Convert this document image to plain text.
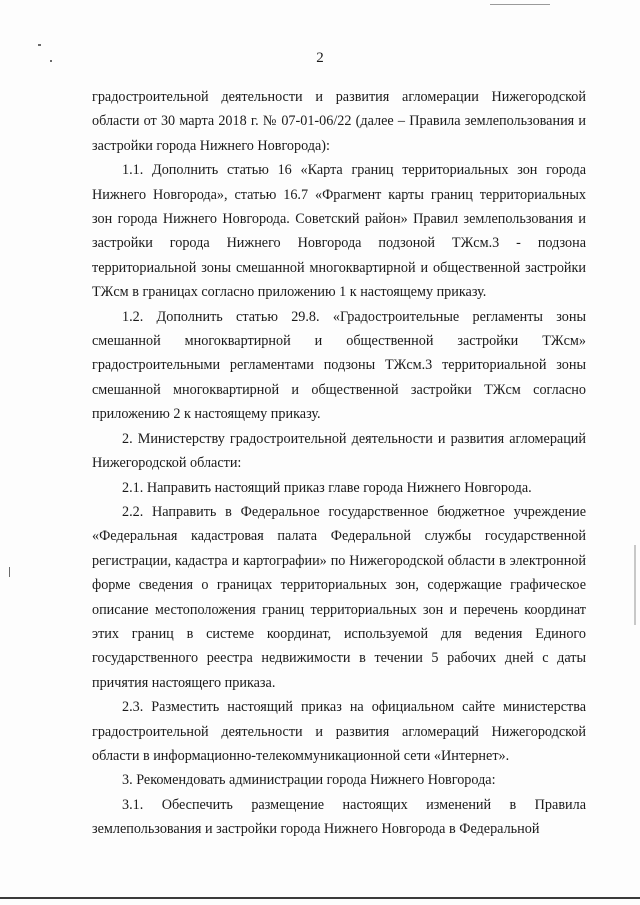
2

градостроительной деятельности и развития агломерации Нижегородской области от 30 марта 2018 г. № 07-01-06/22 (далее – Правила землепользования и застройки города Нижнего Новгорода):

1.1. Дополнить статью 16 «Карта границ территориальных зон города Нижнего Новгорода», статью 16.7 «Фрагмент карты границ территориальных зон города Нижнего Новгорода. Советский район» Правил землепользования и застройки города Нижнего Новгорода подзоной ТЖсм.3 - подзона территориальной зоны смешанной многоквартирной и общественной застройки ТЖсм в границах согласно приложению 1 к настоящему приказу.

1.2. Дополнить статью 29.8. «Градостроительные регламенты зоны смешанной многоквартирной и общественной застройки ТЖсм» градостроительными регламентами подзоны ТЖсм.3 территориальной зоны смешанной многоквартирной и общественной застройки ТЖсм согласно приложению 2 к настоящему приказу.

2. Министерству градостроительной деятельности и развития агломераций Нижегородской области:

2.1. Направить настоящий приказ главе города Нижнего Новгорода.

2.2. Направить в Федеральное государственное бюджетное учреждение «Федеральная кадастровая палата Федеральной службы государственной регистрации, кадастра и картографии» по Нижегородской области в электронной форме сведения о границах территориальных зон, содержащие графическое описание местоположения границ территориальных зон и перечень координат этих границ в системе координат, используемой для ведения Единого государственного реестра недвижимости в течении 5 рабочих дней с даты причятия настоящего приказа.

2.3. Разместить настоящий приказ на официальном сайте министерства градостроительной деятельности и развития агломераций Нижегородской области в информационно-телекоммуникационной сети «Интернет».

3. Рекомендовать администрации города Нижнего Новгорода:

3.1. Обеспечить размещение настоящих изменений в Правила землепользования и застройки города Нижнего Новгорода в Федеральной
